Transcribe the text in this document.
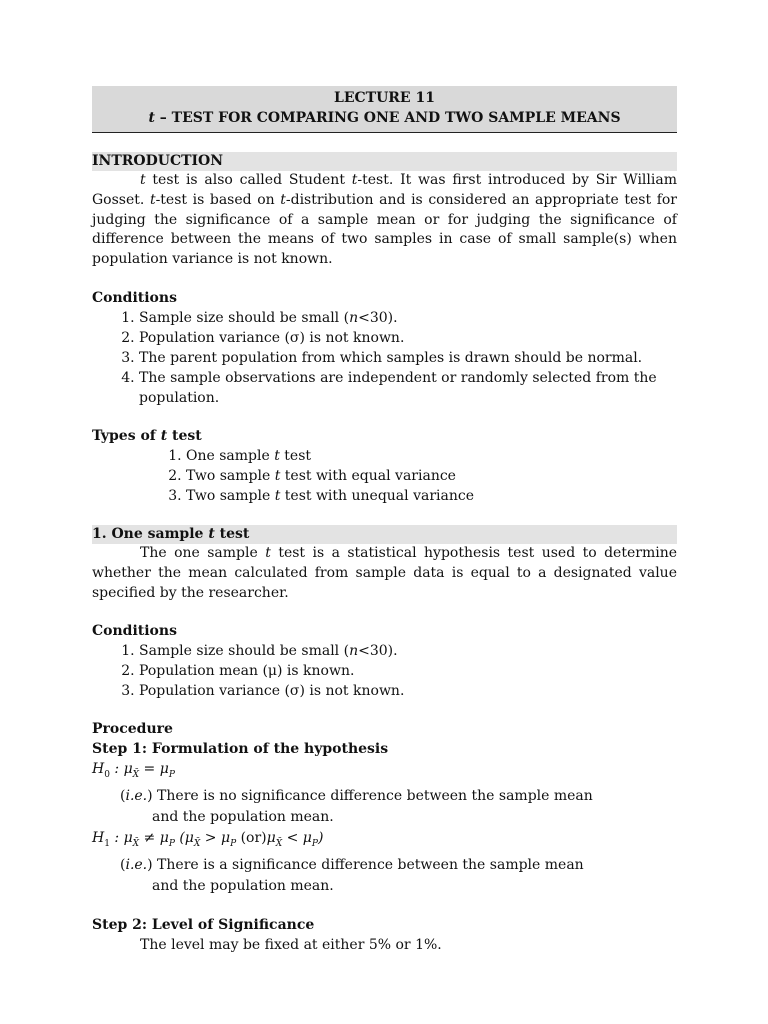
LECTURE 11
t – TEST FOR COMPARING ONE AND TWO SAMPLE MEANS
INTRODUCTION

t test is also called Student t-test. It was first introduced by Sir William Gosset. t-test is based on t-distribution and is considered an appropriate test for judging the significance of a sample mean or for judging the significance of difference between the means of two samples in case of small sample(s) when population variance is not known.

Conditions
1. Sample size should be small (n<30).
2. Population variance (σ) is not known.
3. The parent population from which samples is drawn should be normal.
4. The sample observations are independent or randomly selected from the population.
Types of t test
1. One sample t test
2. Two sample t test with equal variance
3. Two sample t test with unequal variance
1. One sample t test

The one sample t test is a statistical hypothesis test used to determine whether the mean calculated from sample data is equal to a designated value specified by the researcher.

Conditions
1. Sample size should be small (n<30).
2. Population mean (μ) is known.
3. Population variance (σ) is not known.
Procedure
Step 1: Formulation of the hypothesis
$H_0$ : $\mu_{X̄} = \mu_P$
(i.e.) There is no significance difference between the sample mean
and the population mean.
$H_1$ : $\mu_{X̄} \ne \mu_P$ ($\mu_{X̄} > \mu_P$ $(or)\mu_{X̄} < \mu_P$)
(i.e.) There is a significance difference between the sample mean
and the population mean.
Step 2: Level of Significance
The level may be fixed at either 5% or 1%.
